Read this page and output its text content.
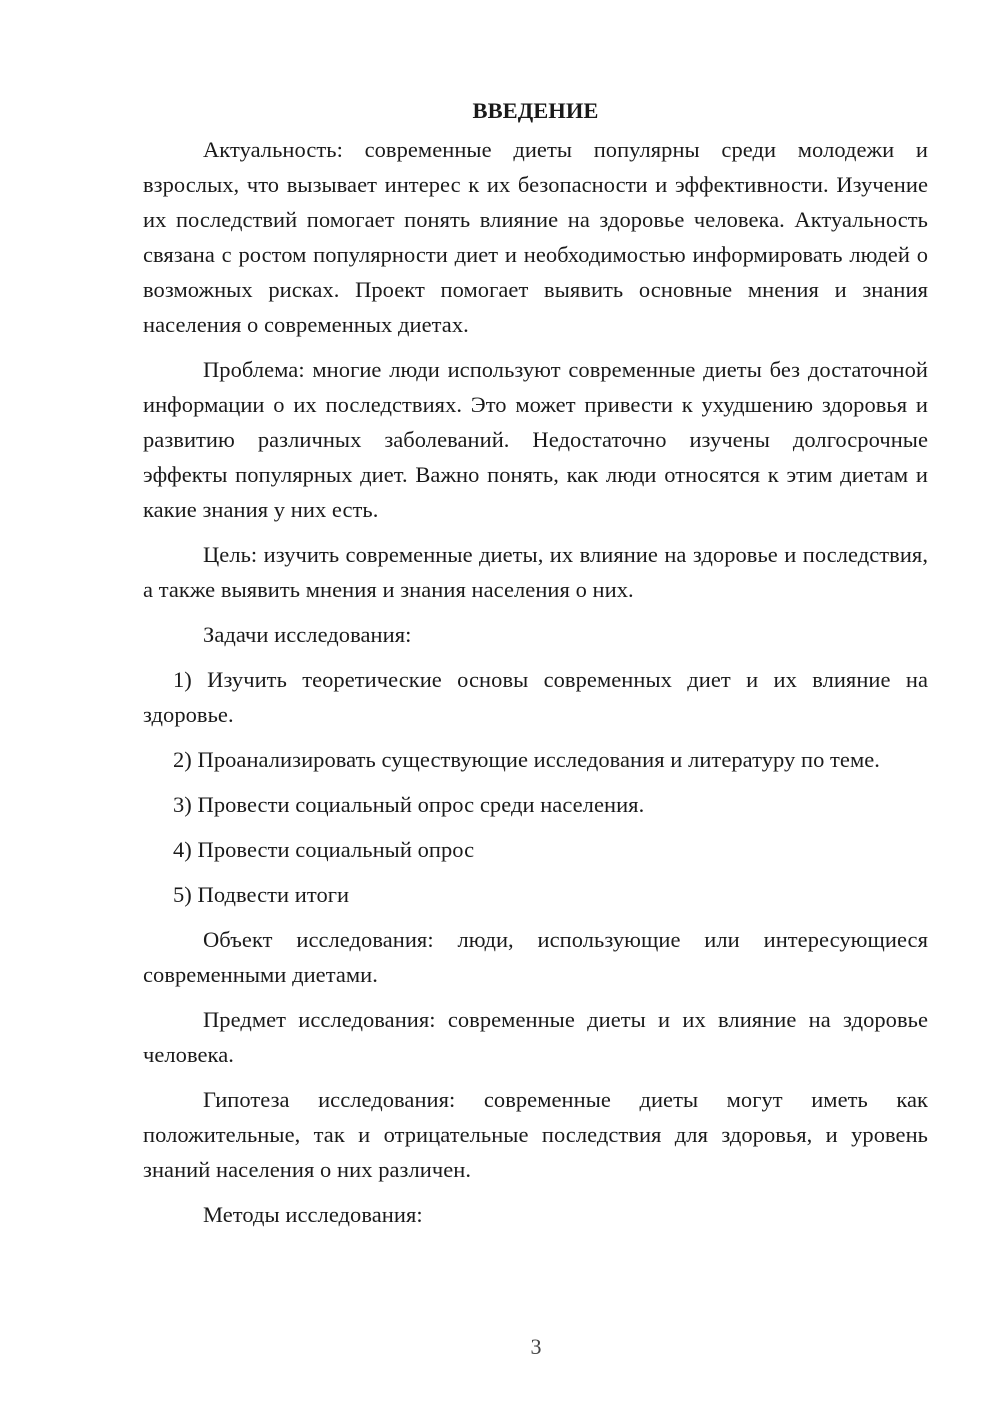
ВВЕДЕНИЕ

Актуальность: современные диеты популярны среди молодежи и взрослых, что вызывает интерес к их безопасности и эффективности. Изучение их последствий помогает понять влияние на здоровье человека. Актуальность связана с ростом популярности диет и необходимостью информировать людей о возможных рисках. Проект помогает выявить основные мнения и знания населения о современных диетах.

Проблема: многие люди используют современные диеты без достаточной информации о их последствиях. Это может привести к ухудшению здоровья и развитию различных заболеваний. Недостаточно изучены долгосрочные эффекты популярных диет. Важно понять, как люди относятся к этим диетам и какие знания у них есть.

Цель: изучить современные диеты, их влияние на здоровье и последствия, а также выявить мнения и знания населения о них.

Задачи исследования:

1) Изучить теоретические основы современных диет и их влияние на здоровье.

2) Проанализировать существующие исследования и литературу по теме.

3) Провести социальный опрос среди населения.

4) Провести социальный опрос

5) Подвести итоги

Объект исследования: люди, использующие или интересующиеся современными диетами.

Предмет исследования: современные диеты и их влияние на здоровье человека.

Гипотеза исследования: современные диеты могут иметь как положительные, так и отрицательные последствия для здоровья, и уровень знаний населения о них различен.

Методы исследования:

3
